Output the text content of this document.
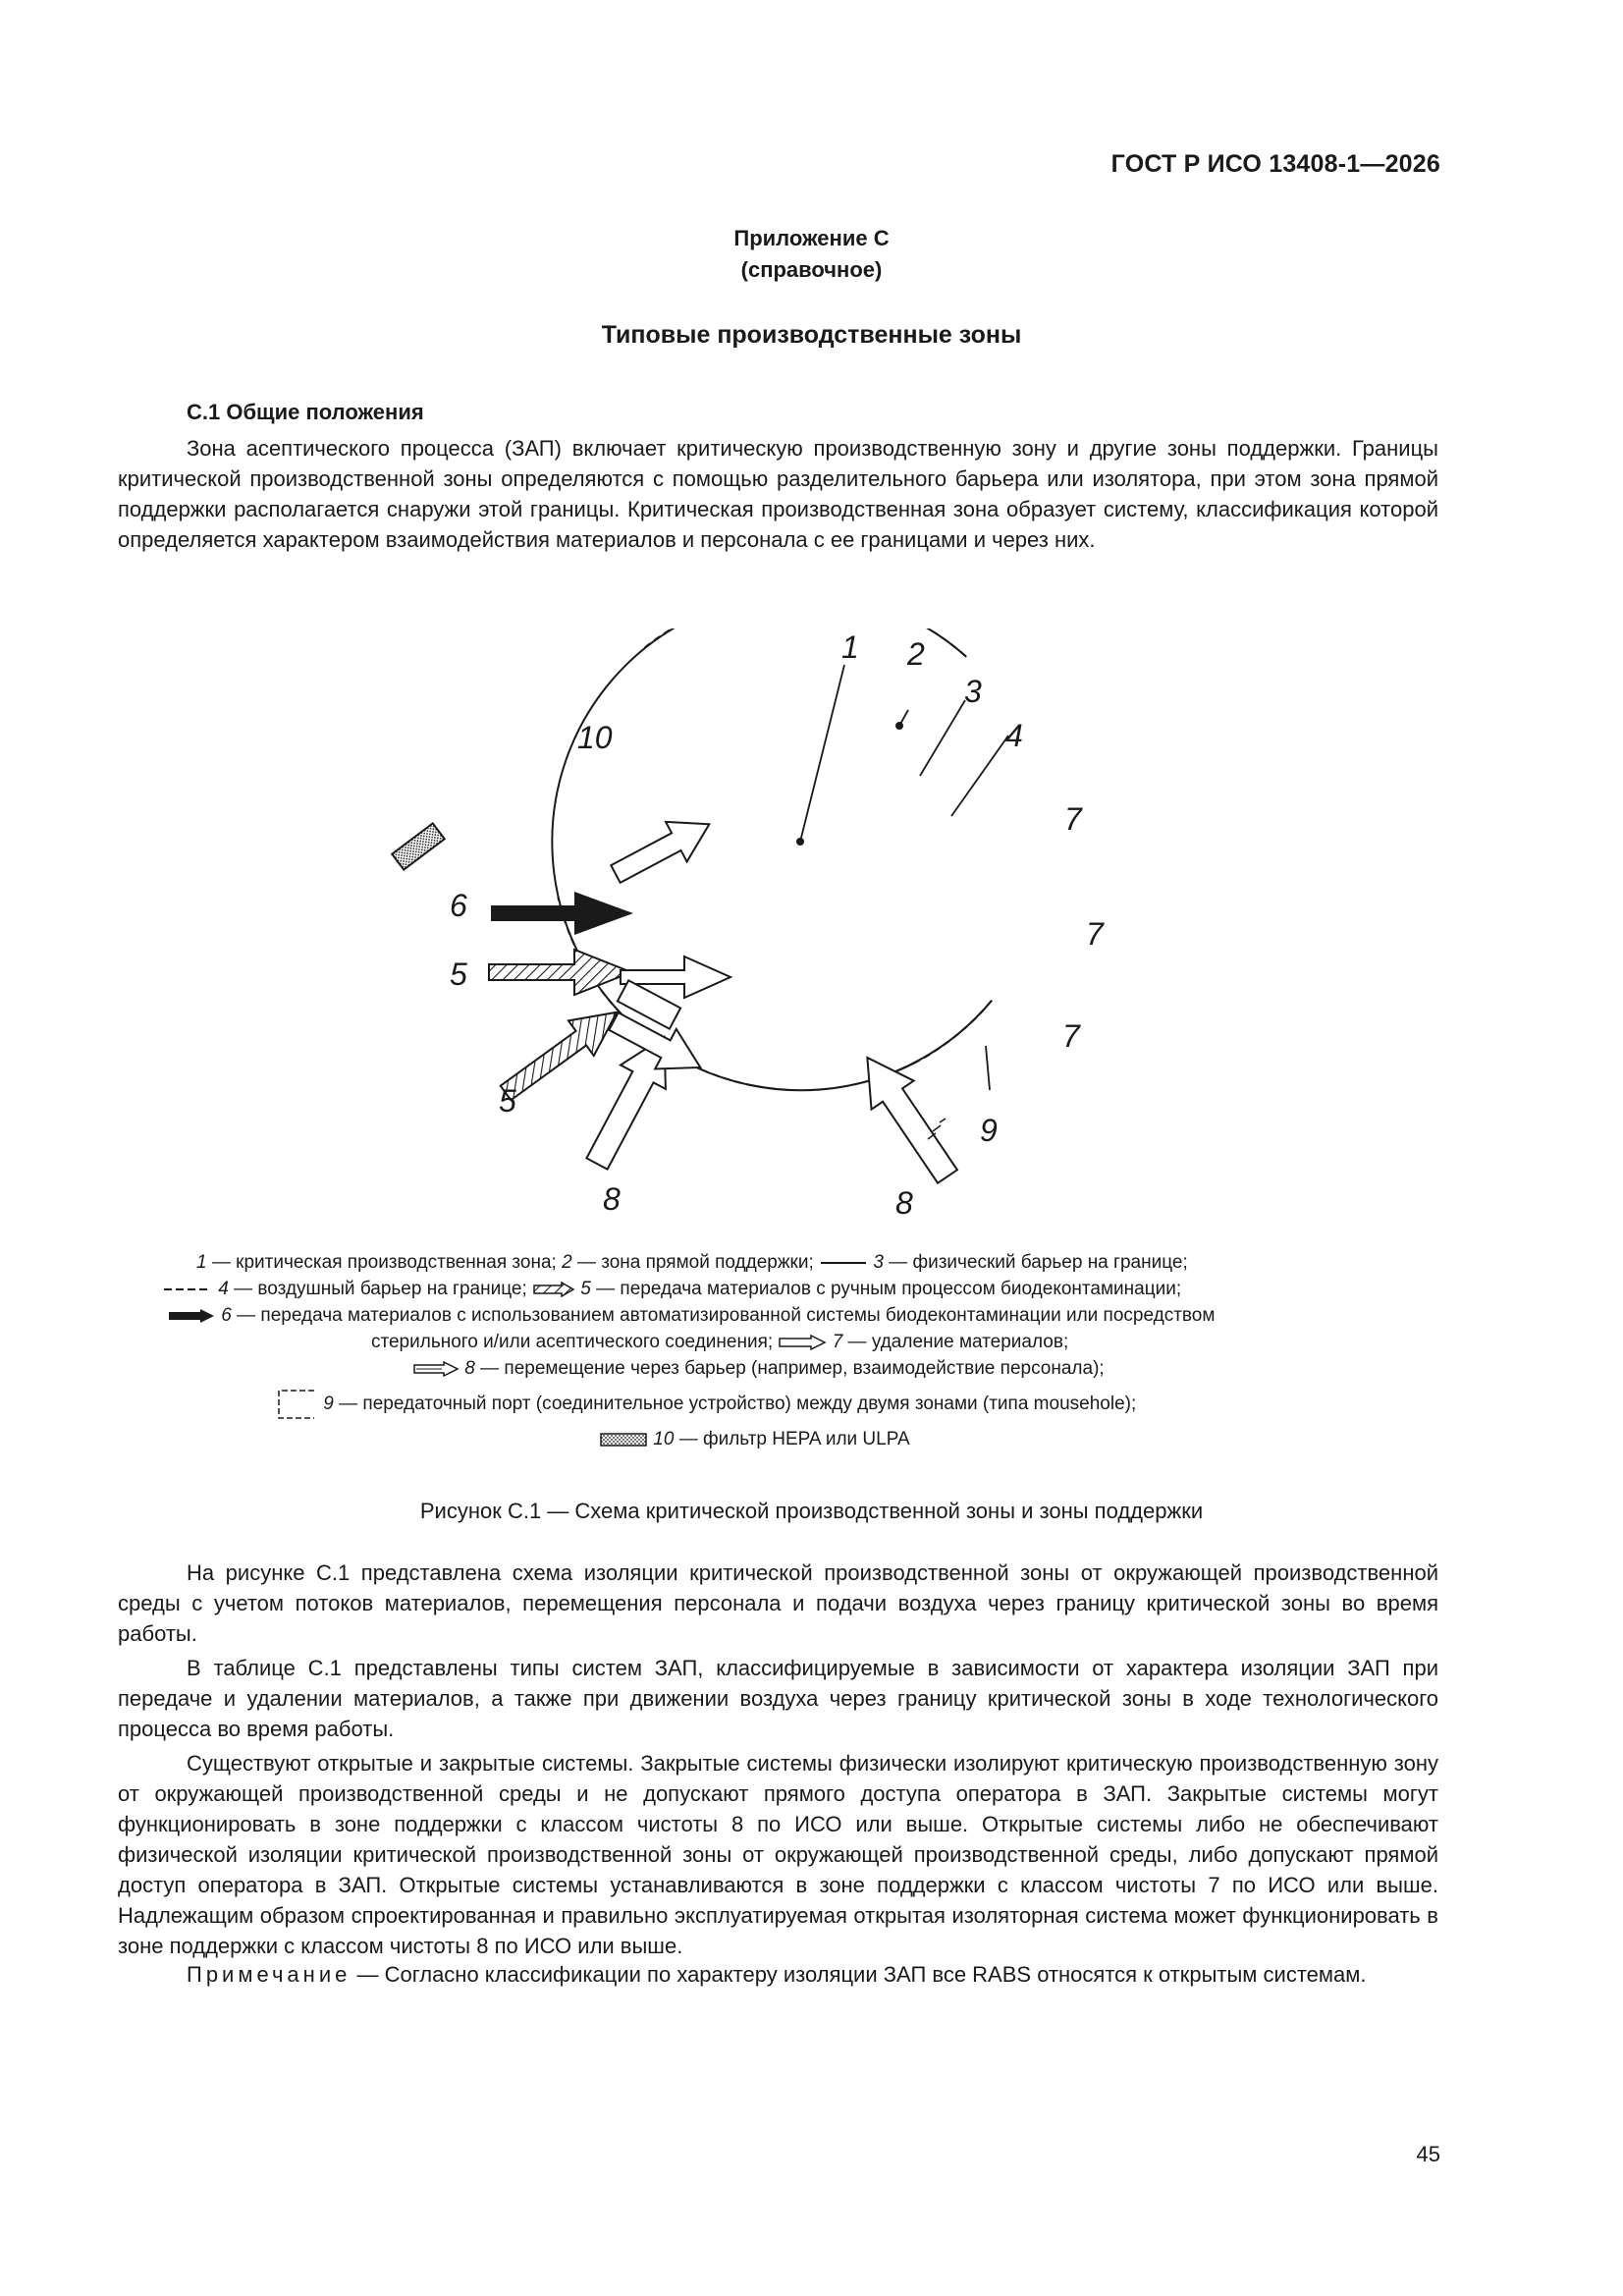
ГОСТ Р ИСО 13408-1—2026
Приложение С
(справочное)
Типовые производственные зоны
С.1 Общие положения

Зона асептического процесса (ЗАП) включает критическую производственную зону и другие зоны поддержки. Границы критической производственной зоны определяются с помощью разделительного барьера или изолятора, при этом зона прямой поддержки располагается снаружи этой границы. Критическая производственная зона образует систему, классификация которой определяется характером взаимодействия материалов и персонала с ее границами и через них.

1 2
3
4
10
7
6
7
5
7
5
9
8	8
1 — критическая производственная зона; 2 — зона прямой поддержки;	3 — физический барьер на границе;
4 — воздушный барьер на границе;	5 — передача материалов с ручным процессом биодеконтаминации;
6 — передача материалов с использованием автоматизированной системы биодеконтаминации или посредством
стерильного и/или асептического соединения;	7 — удаление материалов;
8 — перемещение через барьер (например, взаимодействие персонала);
9 — передаточный порт (соединительное устройство) между двумя зонами (типа mousehole);
10 — фильтр HEPA или ULPA
Рисунок С.1 — Схема критической производственной зоны и зоны поддержки

На рисунке С.1 представлена схема изоляции критической производственной зоны от окружающей производственной среды с учетом потоков материалов, перемещения персонала и подачи воздуха через границу критической зоны во время работы.

В таблице С.1 представлены типы систем ЗАП, классифицируемые в зависимости от характера изоляции ЗАП при передаче и удалении материалов, а также при движении воздуха через границу критической зоны в ходе технологического процесса во время работы.

Существуют открытые и закрытые системы. Закрытые системы физически изолируют критическую производственную зону от окружающей производственной среды и не допускают прямого доступа оператора в ЗАП. Закрытые системы могут функционировать в зоне поддержки с классом чистоты 8 по ИСО или выше. Открытые системы либо не обеспечивают физической изоляции критической производственной зоны от окружающей производственной среды, либо допускают прямой доступ оператора в ЗАП. Открытые системы устанавливаются в зоне поддержки с классом чистоты 7 по ИСО или выше. Надлежащим образом спроектированная и правильно эксплуатируемая открытая изоляторная система может функционировать в зоне поддержки с классом чистоты 8 по ИСО или выше.

Примечание — Согласно классификации по характеру изоляции ЗАП все RABS относятся к открытым системам.

45
